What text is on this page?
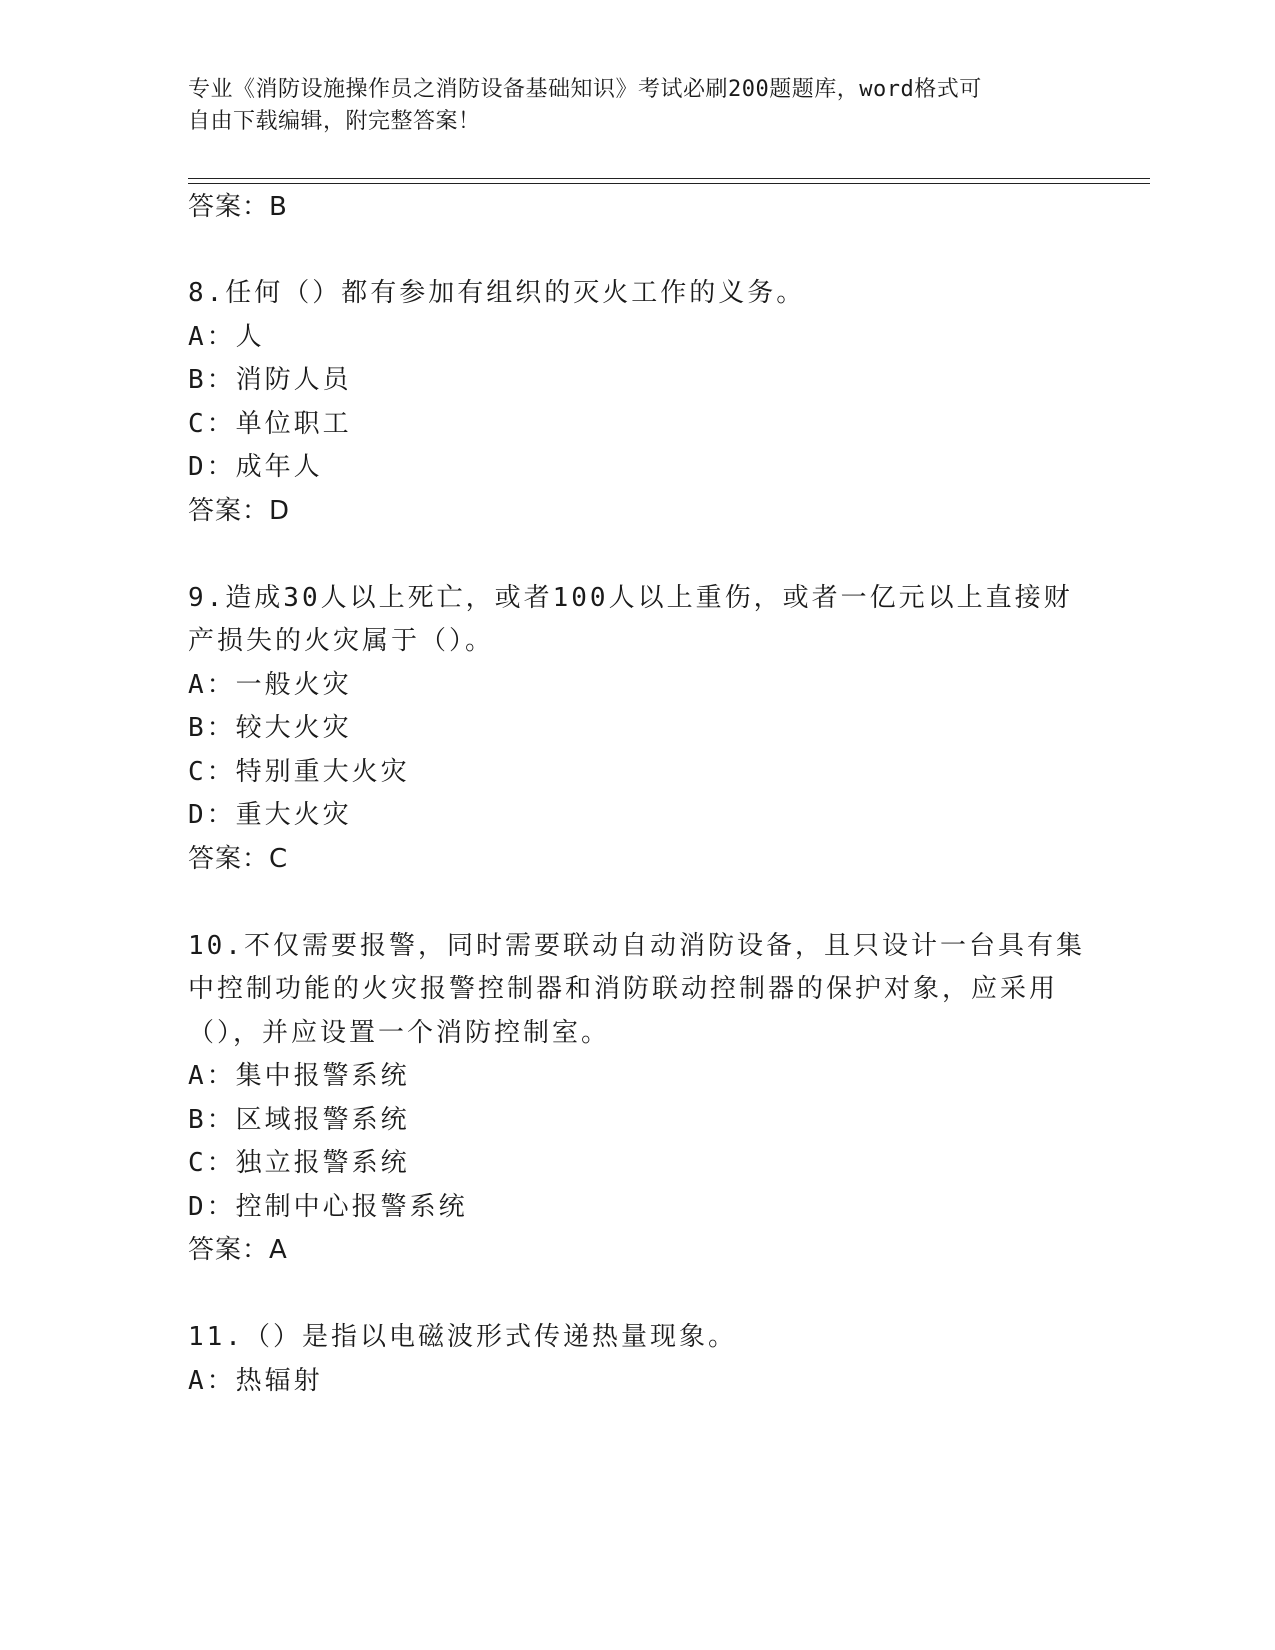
专业《消防设施操作员之消防设备基础知识》考试必刷200题题库，word格式可
自由下载编辑，附完整答案！
答案：B
8.任何（）都有参加有组织的灭火工作的义务。
A：人
B：消防人员
C：单位职工
D：成年人
答案：D
9.造成30人以上死亡，或者100人以上重伤，或者一亿元以上直接财
产损失的火灾属于（）。
A：一般火灾
B：较大火灾
C：特别重大火灾
D：重大火灾
答案：C
10.不仅需要报警，同时需要联动自动消防设备，且只设计一台具有集
中控制功能的火灾报警控制器和消防联动控制器的保护对象，应采用
（），并应设置一个消防控制室。
A：集中报警系统
B：区域报警系统
C：独立报警系统
D：控制中心报警系统
答案：A
11.（）是指以电磁波形式传递热量现象。
A：热辐射
